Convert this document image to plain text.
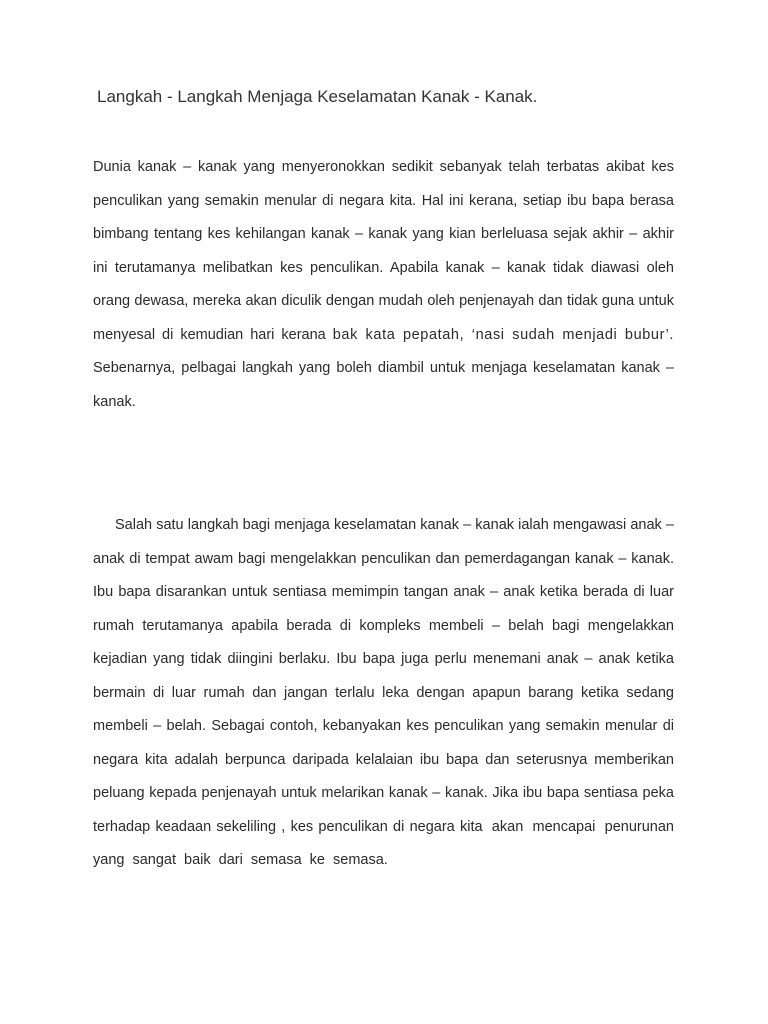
Langkah - Langkah Menjaga Keselamatan Kanak - Kanak.
Dunia kanak – kanak yang menyeronokkan sedikit sebanyak telah terbatas akibat kes penculikan yang semakin menular di negara kita. Hal ini kerana, setiap ibu bapa berasa bimbang tentang kes kehilangan kanak – kanak yang kian berleluasa sejak akhir – akhir ini terutamanya melibatkan kes penculikan. Apabila kanak – kanak tidak diawasi oleh orang dewasa, mereka akan diculik dengan mudah oleh penjenayah dan tidak guna untuk menyesal di kemudian hari kerana bak kata pepatah, ‘nasi sudah menjadi bubur’. Sebenarnya, pelbagai langkah yang boleh diambil untuk menjaga keselamatan kanak – kanak.
Salah satu langkah bagi menjaga keselamatan kanak – kanak ialah mengawasi anak – anak di tempat awam bagi mengelakkan penculikan dan pemerdagangan kanak – kanak. Ibu bapa disarankan untuk sentiasa memimpin tangan anak – anak ketika berada di luar rumah terutamanya apabila berada di kompleks membeli – belah bagi mengelakkan kejadian yang tidak diingini berlaku. Ibu bapa juga perlu menemani anak – anak ketika bermain di luar rumah dan jangan terlalu leka dengan apapun barang ketika sedang membeli – belah. Sebagai contoh, kebanyakan kes penculikan yang semakin menular di negara kita adalah berpunca daripada kelalaian ibu bapa dan seterusnya memberikan peluang kepada penjenayah untuk melarikan kanak – kanak. Jika ibu bapa sentiasa peka terhadap keadaan sekeliling , kes penculikan di negara kita akan mencapai penurunan yang sangat baik dari semasa ke semasa.
